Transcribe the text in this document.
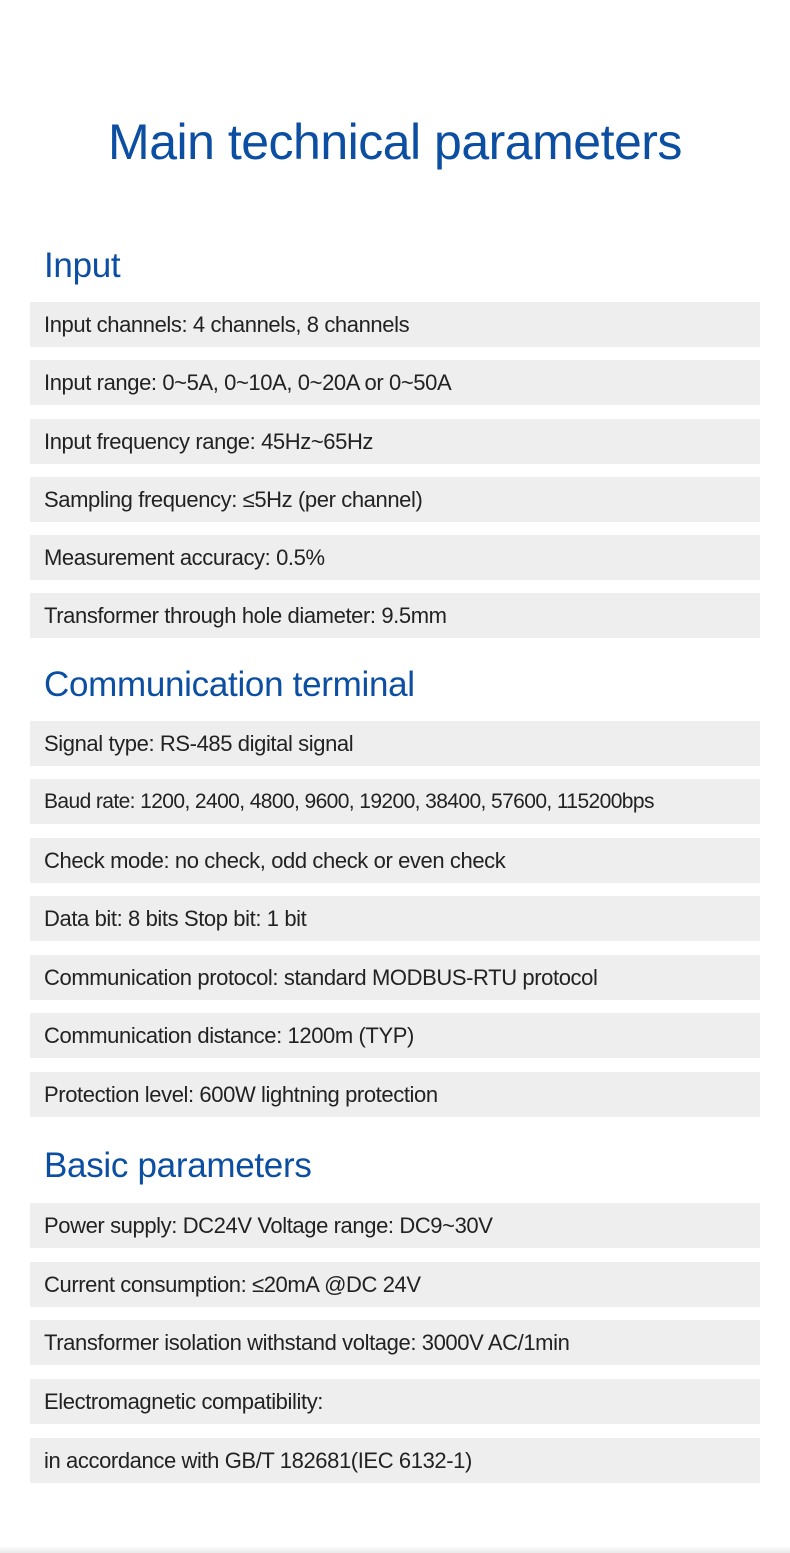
Main technical parameters
Input
Input channels: 4 channels, 8 channels
Input range: 0~5A, 0~10A, 0~20A or 0~50A
Input frequency range: 45Hz~65Hz
Sampling frequency: ≤5Hz (per channel)
Measurement accuracy: 0.5%
Transformer through hole diameter: 9.5mm
Communication terminal
Signal type: RS-485 digital signal
Baud rate: 1200, 2400, 4800, 9600, 19200, 38400, 57600, 115200bps
Check mode: no check, odd check or even check
Data bit: 8 bits Stop bit: 1 bit
Communication protocol: standard MODBUS-RTU protocol
Communication distance: 1200m (TYP)
Protection level: 600W lightning protection
Basic parameters
Power supply: DC24V Voltage range: DC9~30V
Current consumption: ≤20mA @DC 24V
Transformer isolation withstand voltage: 3000V AC/1min
Electromagnetic compatibility:
in accordance with GB/T 182681(IEC 6132-1)
